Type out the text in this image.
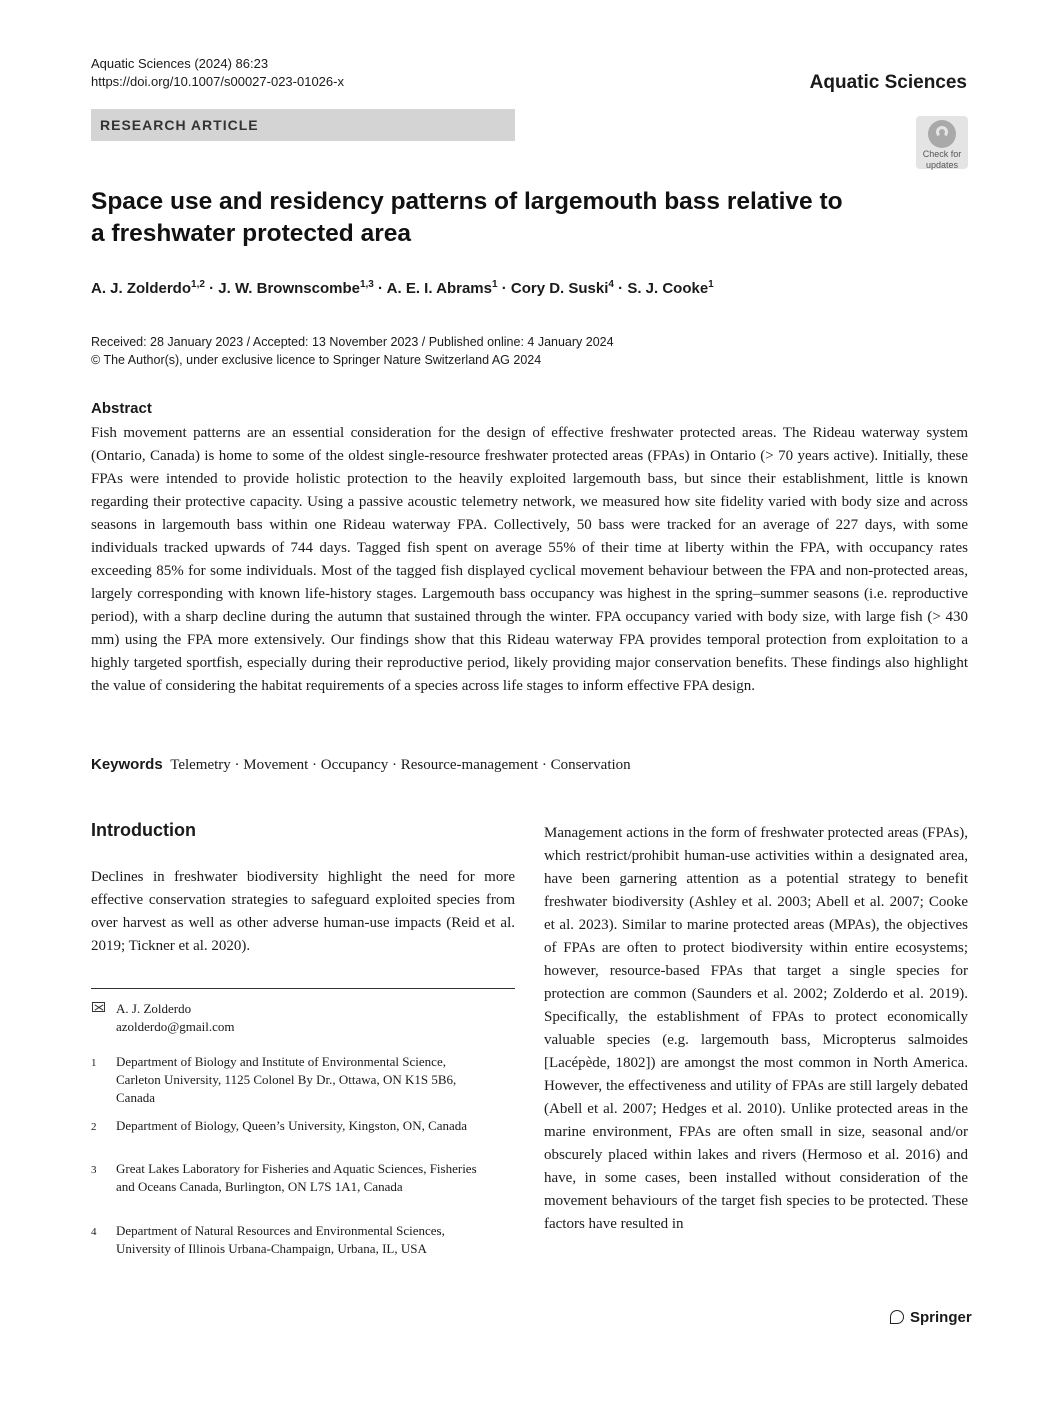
Aquatic Sciences (2024) 86:23
https://doi.org/10.1007/s00027-023-01026-x	Aquatic Sciences
RESEARCH ARTICLE
Check for
updates
Space use and residency patterns of largemouth bass relative to a freshwater protected area
A. J. Zolderdo$^{1,2}$ · J. W. Brownscombe$^{1,3}$ · A. E. I. Abrams$^1$ · Cory D. Suski$^4$ · S. J. Cooke$^1$
Received: 28 January 2023 / Accepted: 13 November 2023 / Published online: 4 January 2024
© The Author(s), under exclusive licence to Springer Nature Switzerland AG 2024
Abstract
Fish movement patterns are an essential consideration for the design of effective freshwater protected areas. The Rideau waterway system (Ontario, Canada) is home to some of the oldest single-resource freshwater protected areas (FPAs) in Ontario (> 70 years active). Initially, these FPAs were intended to provide holistic protection to the heavily exploited largemouth bass, but since their establishment, little is known regarding their protective capacity. Using a passive acoustic telemetry network, we measured how site fidelity varied with body size and across seasons in largemouth bass within one Rideau waterway FPA. Collectively, 50 bass were tracked for an average of 227 days, with some individuals tracked upwards of 744 days. Tagged fish spent on average 55% of their time at liberty within the FPA, with occupancy rates exceeding 85% for some individuals. Most of the tagged fish displayed cyclical movement behaviour between the FPA and non-protected areas, largely corresponding with known life-history stages. Largemouth bass occupancy was highest in the spring–summer seasons (i.e. reproductive period), with a sharp decline during the autumn that sustained through the winter. FPA occupancy varied with body size, with large fish (> 430 mm) using the FPA more extensively. Our findings show that this Rideau waterway FPA provides temporal protection from exploitation to a highly targeted sportfish, especially during their reproductive period, likely providing major conservation benefits. These findings also highlight the value of considering the habitat requirements of a species across life stages to inform effective FPA design.
Keywords Telemetry · Movement · Occupancy · Resource-management · Conservation
Introduction
Declines in freshwater biodiversity highlight the need for more effective conservation strategies to safeguard exploited species from over harvest as well as other adverse human-use impacts (Reid et al. 2019; Tickner et al. 2020).
Management actions in the form of freshwater protected areas (FPAs), which restrict/prohibit human-use activities within a designated area, have been garnering attention as a potential strategy to benefit freshwater biodiversity (Ashley et al. 2003; Abell et al. 2007; Cooke et al. 2023). Similar to marine protected areas (MPAs), the objectives of FPAs are often to protect biodiversity within entire ecosystems; however, resource-based FPAs that target a single species for protection are common (Saunders et al. 2002; Zolderdo et al. 2019). Specifically, the establishment of FPAs to protect economically valuable species (e.g. largemouth bass, Micropterus salmoides [Lacépède, 1802]) are amongst the most common in North America. However, the effectiveness and utility of FPAs are still largely debated (Abell et al. 2007; Hedges et al. 2010). Unlike protected areas in the marine environment, FPAs are often small in size, seasonal and/or obscurely placed within lakes and rivers (Hermoso et al. 2016) and have, in some cases, been installed without consideration of the movement behaviours of the target fish species to be protected. These factors have resulted in
A. J. Zolderdo
azolderdo@gmail.com
1 Department of Biology and Institute of Environmental Science, Carleton University, 1125 Colonel By Dr., Ottawa, ON K1S 5B6, Canada
2 Department of Biology, Queen’s University, Kingston, ON, Canada
3 Great Lakes Laboratory for Fisheries and Aquatic Sciences, Fisheries and Oceans Canada, Burlington, ON L7S 1A1, Canada
4 Department of Natural Resources and Environmental Sciences, University of Illinois Urbana-Champaign, Urbana, IL, USA
Springer
